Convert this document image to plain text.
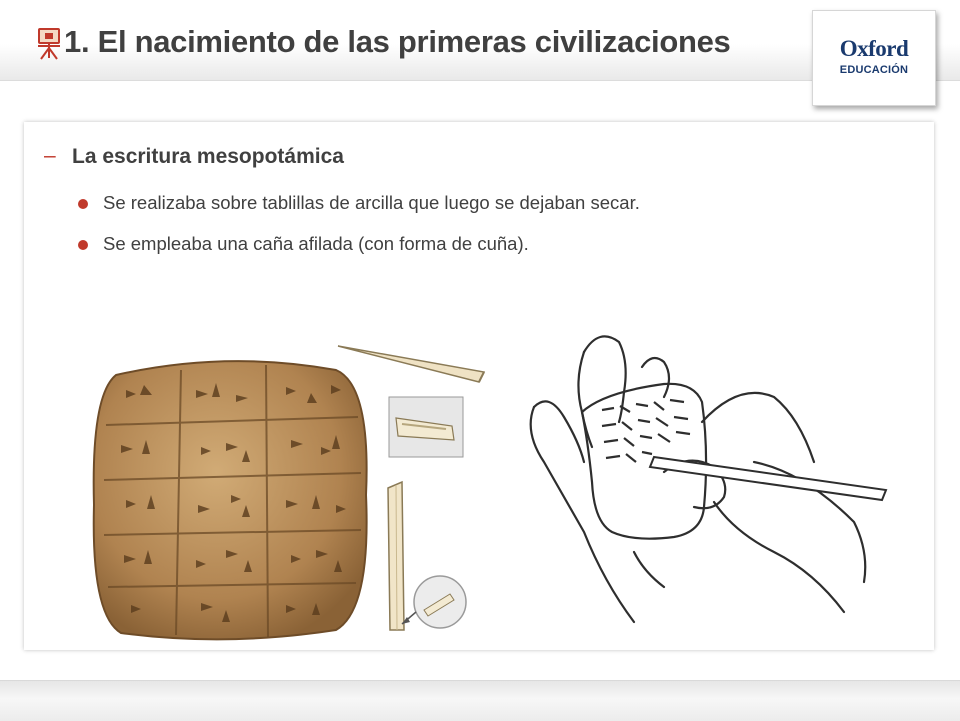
1. El nacimiento de las primeras civilizaciones	Oxford
EDUCACIÓN
– La escritura mesopotámica
Se realizaba sobre tablillas de arcilla que luego se dejaban secar.
Se empleaba una caña afilada (con forma de cuña).
